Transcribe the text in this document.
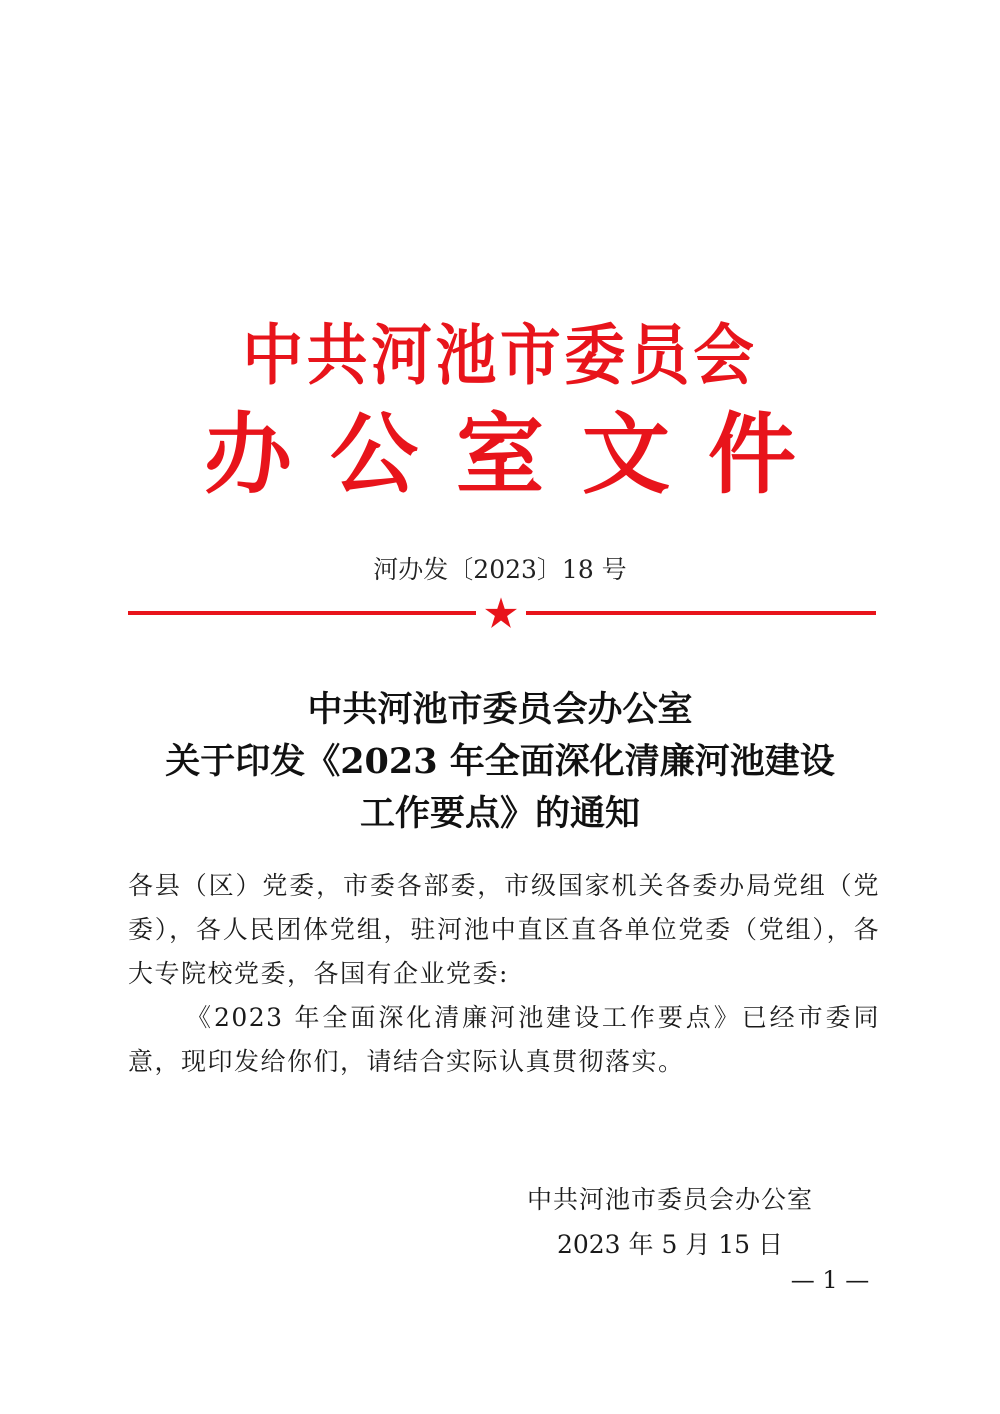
中共河池市委员会
办公室文件
河办发〔2023〕18 号
中共河池市委员会办公室
关于印发《2023 年全面深化清廉河池建设
工作要点》的通知

各县（区）党委，市委各部委，市级国家机关各委办局党组（党委），各人民团体党组，驻河池中直区直各单位党委（党组），各大专院校党委，各国有企业党委:

《2023 年全面深化清廉河池建设工作要点》已经市委同意，现印发给你们，请结合实际认真贯彻落实。

中共河池市委员会办公室
2023 年 5 月 15 日
— 1 —
